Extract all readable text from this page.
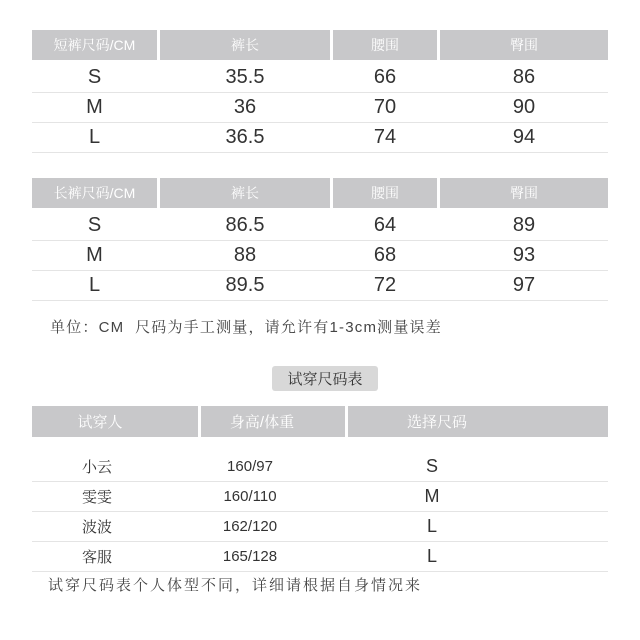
短裤尺码/CM	裤长	腰围	臀围
S	35.5	66	86
M	36	70	90
L	36.5	74	94
长裤尺码/CM	裤长	腰围	臀围
S	86.5	64	89
M	88	68	93
L	89.5	72	97
单位：CM  尺码为手工测量，请允许有1-3cm测量误差
试穿尺码表
试穿人	身高/体重	选择尺码
小云	160/97	S
雯雯	160/110	M
波波	162/120	L
客服	165/128	L
试穿尺码表个人体型不同，详细请根据自身情况来
